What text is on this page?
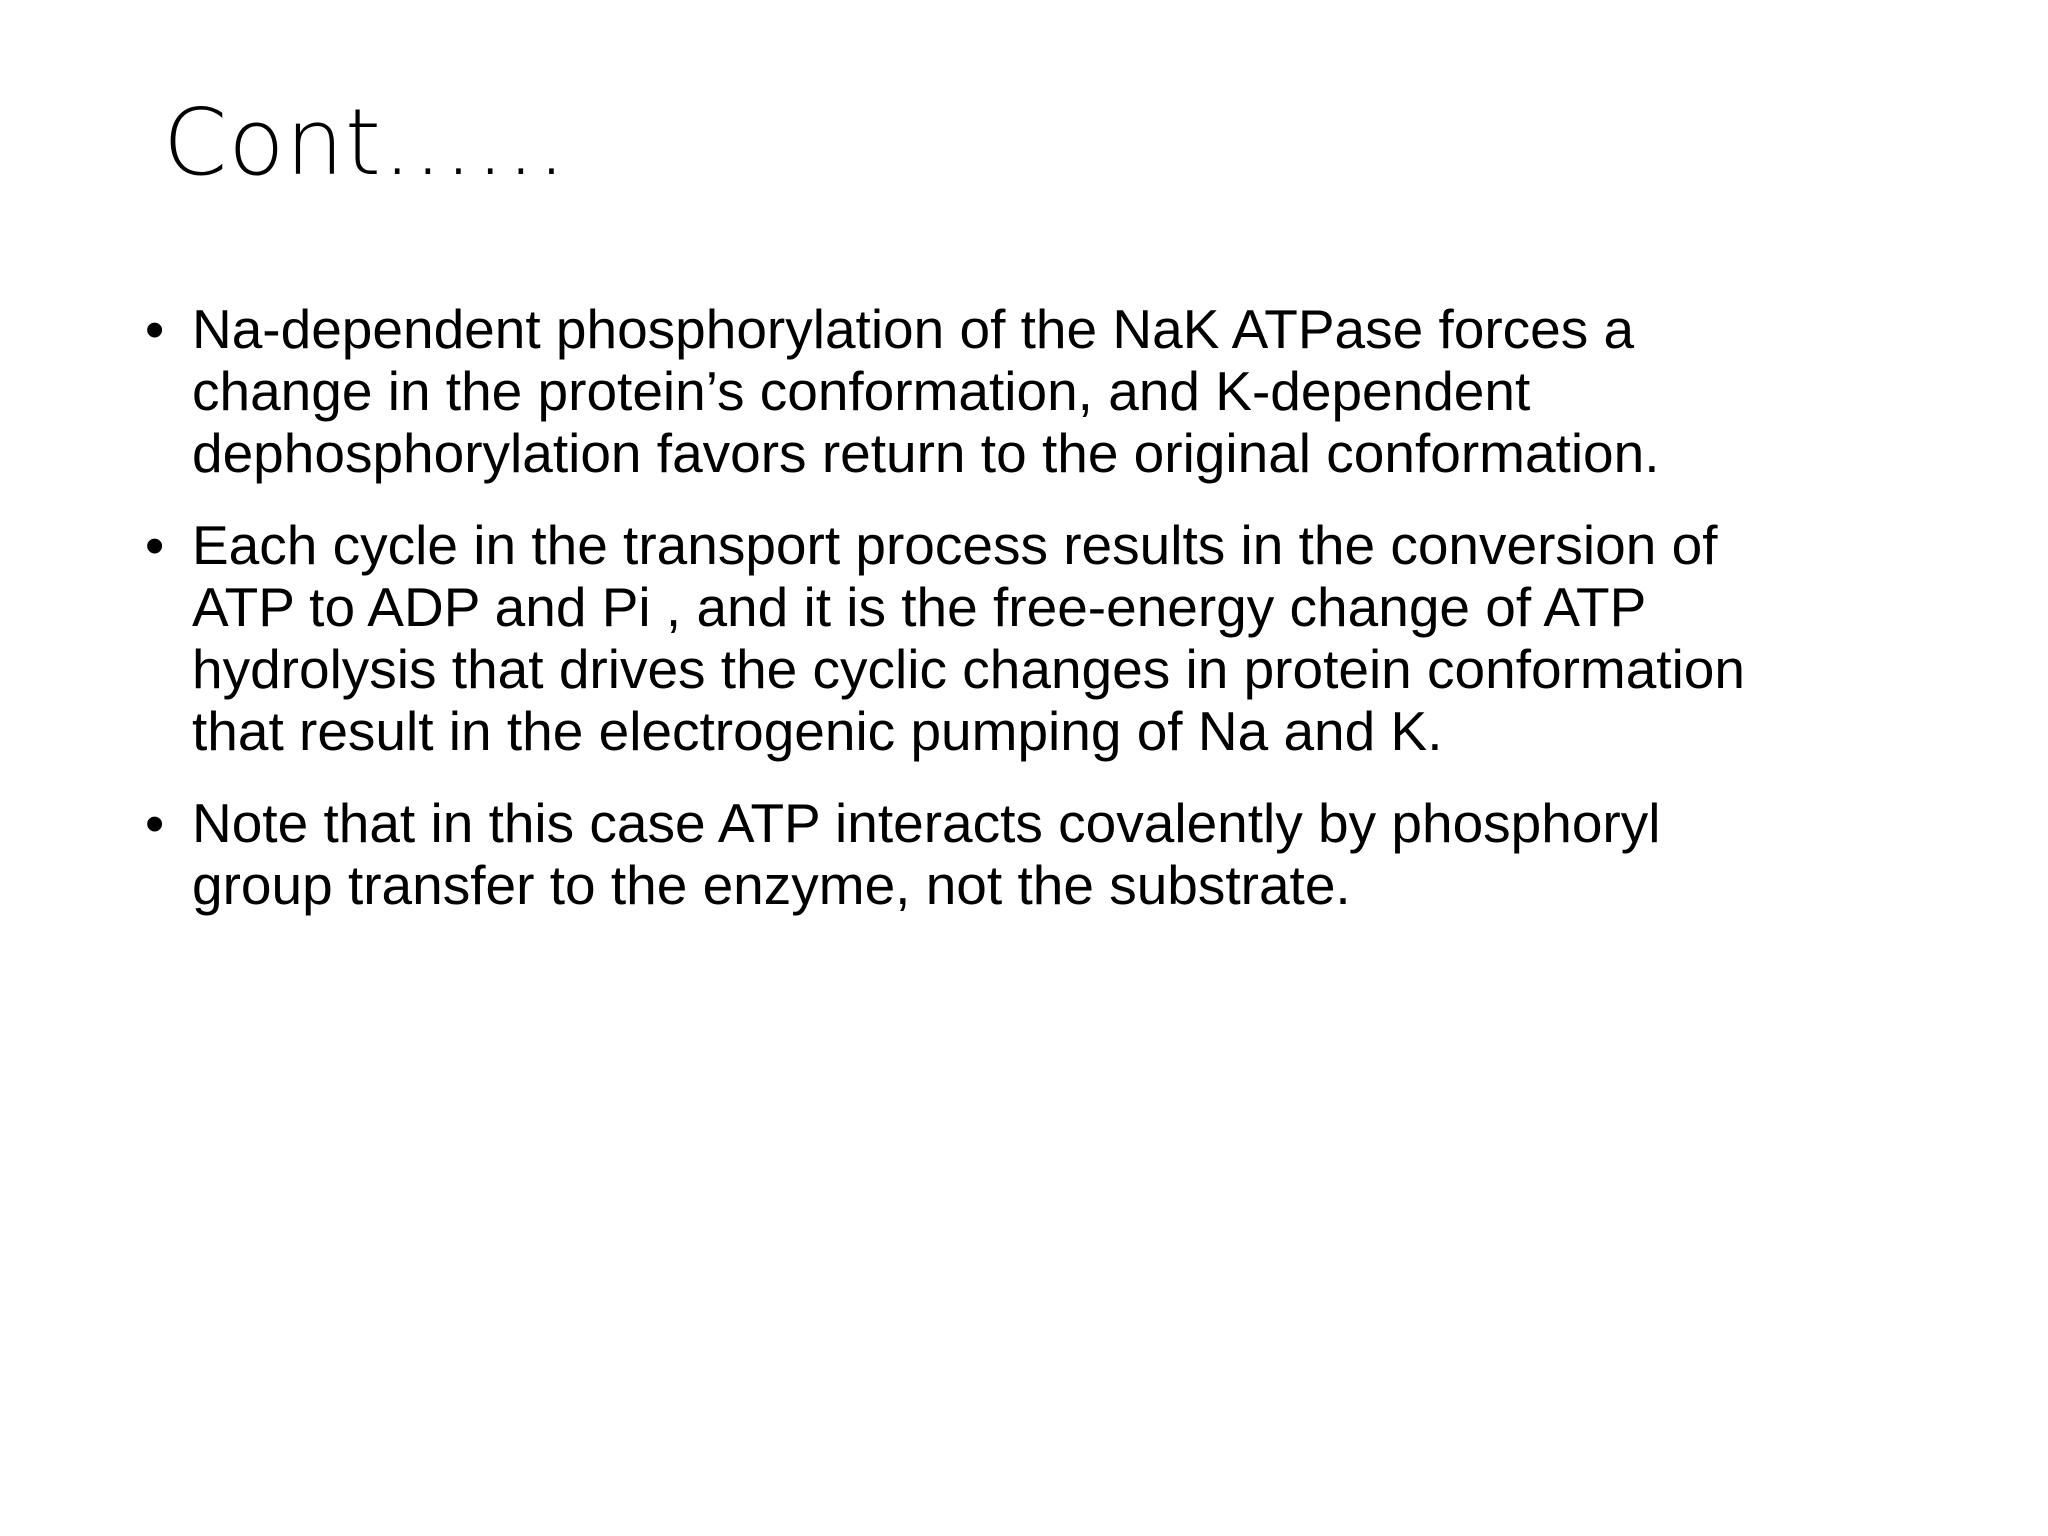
Cont……
• Na-dependent phosphorylation of the NaK ATPase forces a
change in the protein’s conformation, and K-dependent
dephosphorylation favors return to the original conformation.
• Each cycle in the transport process results in the conversion of
ATP to ADP and Pi , and it is the free-energy change of ATP
hydrolysis that drives the cyclic changes in protein conformation
that result in the electrogenic pumping of Na and K.
• Note that in this case ATP interacts covalently by phosphoryl
group transfer to the enzyme, not the substrate.
